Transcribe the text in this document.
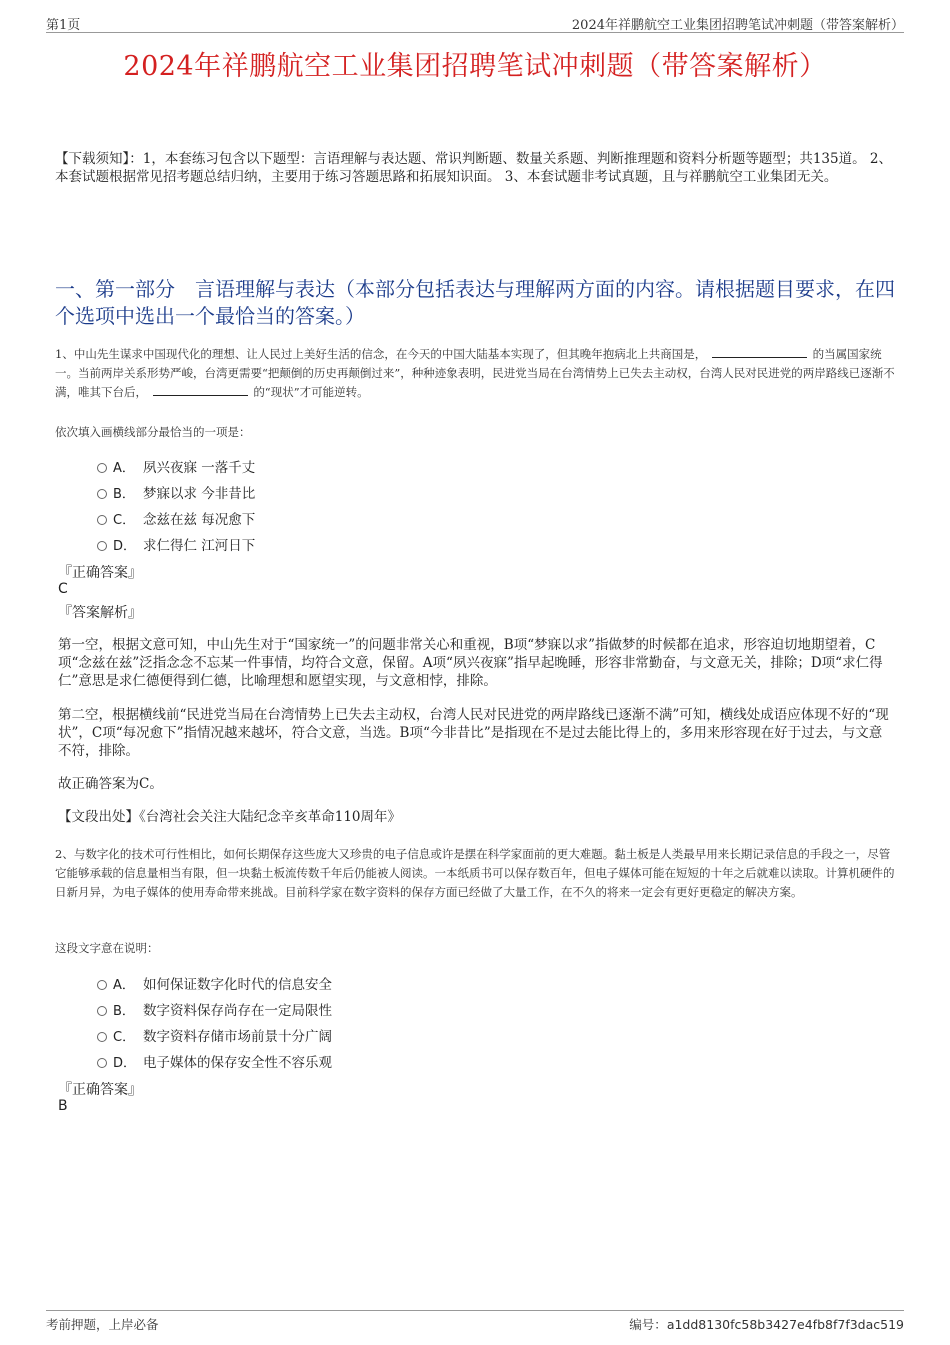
第1页	2024年祥鹏航空工业集团招聘笔试冲刺题（带答案解析）
2024年祥鹏航空工业集团招聘笔试冲刺题（带答案解析）
【下载须知】：1，本套练习包含以下题型：言语理解与表达题、常识判断题、数量关系题、判断推理题和资料分析题等题型；共135道。 2、本套试题根据常见招考题总结归纳，主要用于练习答题思路和拓展知识面。 3、本套试题非考试真题，且与祥鹏航空工业集团无关。
一、第一部分　言语理解与表达（本部分包括表达与理解两方面的内容。请根据题目要求，在四个选项中选出一个最恰当的答案。）
1、中山先生谋求中国现代化的理想、让人民过上美好生活的信念，在今天的中国大陆基本实现了，但其晚年抱病北上共商国是，	的当属国家统一。当前两岸关系形势严峻，台湾更需要“把颠倒的历史再颠倒过来”，种种迹象表明，民进党当局在台湾情势上已失去主动权，台湾人民对民进党的两岸路线已逐渐不满，唯其下台后，	的“现状”才可能逆转。
依次填入画横线部分最恰当的一项是：
A． 夙兴夜寐 一落千丈
B． 梦寐以求 今非昔比
C． 念兹在兹 每况愈下
D． 求仁得仁 江河日下
『正确答案』
C
『答案解析』
第一空，根据文意可知，中山先生对于“国家统一”的问题非常关心和重视，B项“梦寐以求”指做梦的时候都在追求，形容迫切地期望着，C项“念兹在兹”泛指念念不忘某一件事情，均符合文意，保留。A项“夙兴夜寐”指早起晚睡，形容非常勤奋，与文意无关，排除；D项“求仁得仁”意思是求仁德便得到仁德，比喻理想和愿望实现，与文意相悖，排除。
第二空，根据横线前“民进党当局在台湾情势上已失去主动权，台湾人民对民进党的两岸路线已逐渐不满”可知，横线处成语应体现不好的“现状”，C项“每况愈下”指情况越来越坏，符合文意，当选。B项“今非昔比”是指现在不是过去能比得上的，多用来形容现在好于过去，与文意不符，排除。
故正确答案为C。
【文段出处】《台湾社会关注大陆纪念辛亥革命110周年》
2、与数字化的技术可行性相比，如何长期保存这些庞大又珍贵的电子信息或许是摆在科学家面前的更大难题。黏土板是人类最早用来长期记录信息的手段之一，尽管它能够承载的信息量相当有限，但一块黏土板流传数千年后仍能被人阅读。一本纸质书可以保存数百年，但电子媒体可能在短短的十年之后就难以读取。计算机硬件的日新月异，为电子媒体的使用寿命带来挑战。目前科学家在数字资料的保存方面已经做了大量工作，在不久的将来一定会有更好更稳定的解决方案。
这段文字意在说明：
A． 如何保证数字化时代的信息安全
B． 数字资料保存尚存在一定局限性
C． 数字资料存储市场前景十分广阔
D． 电子媒体的保存安全性不容乐观
『正确答案』
B
考前押题，上岸必备	编号：a1dd8130fc58b3427e4fb8f7f3dac519
